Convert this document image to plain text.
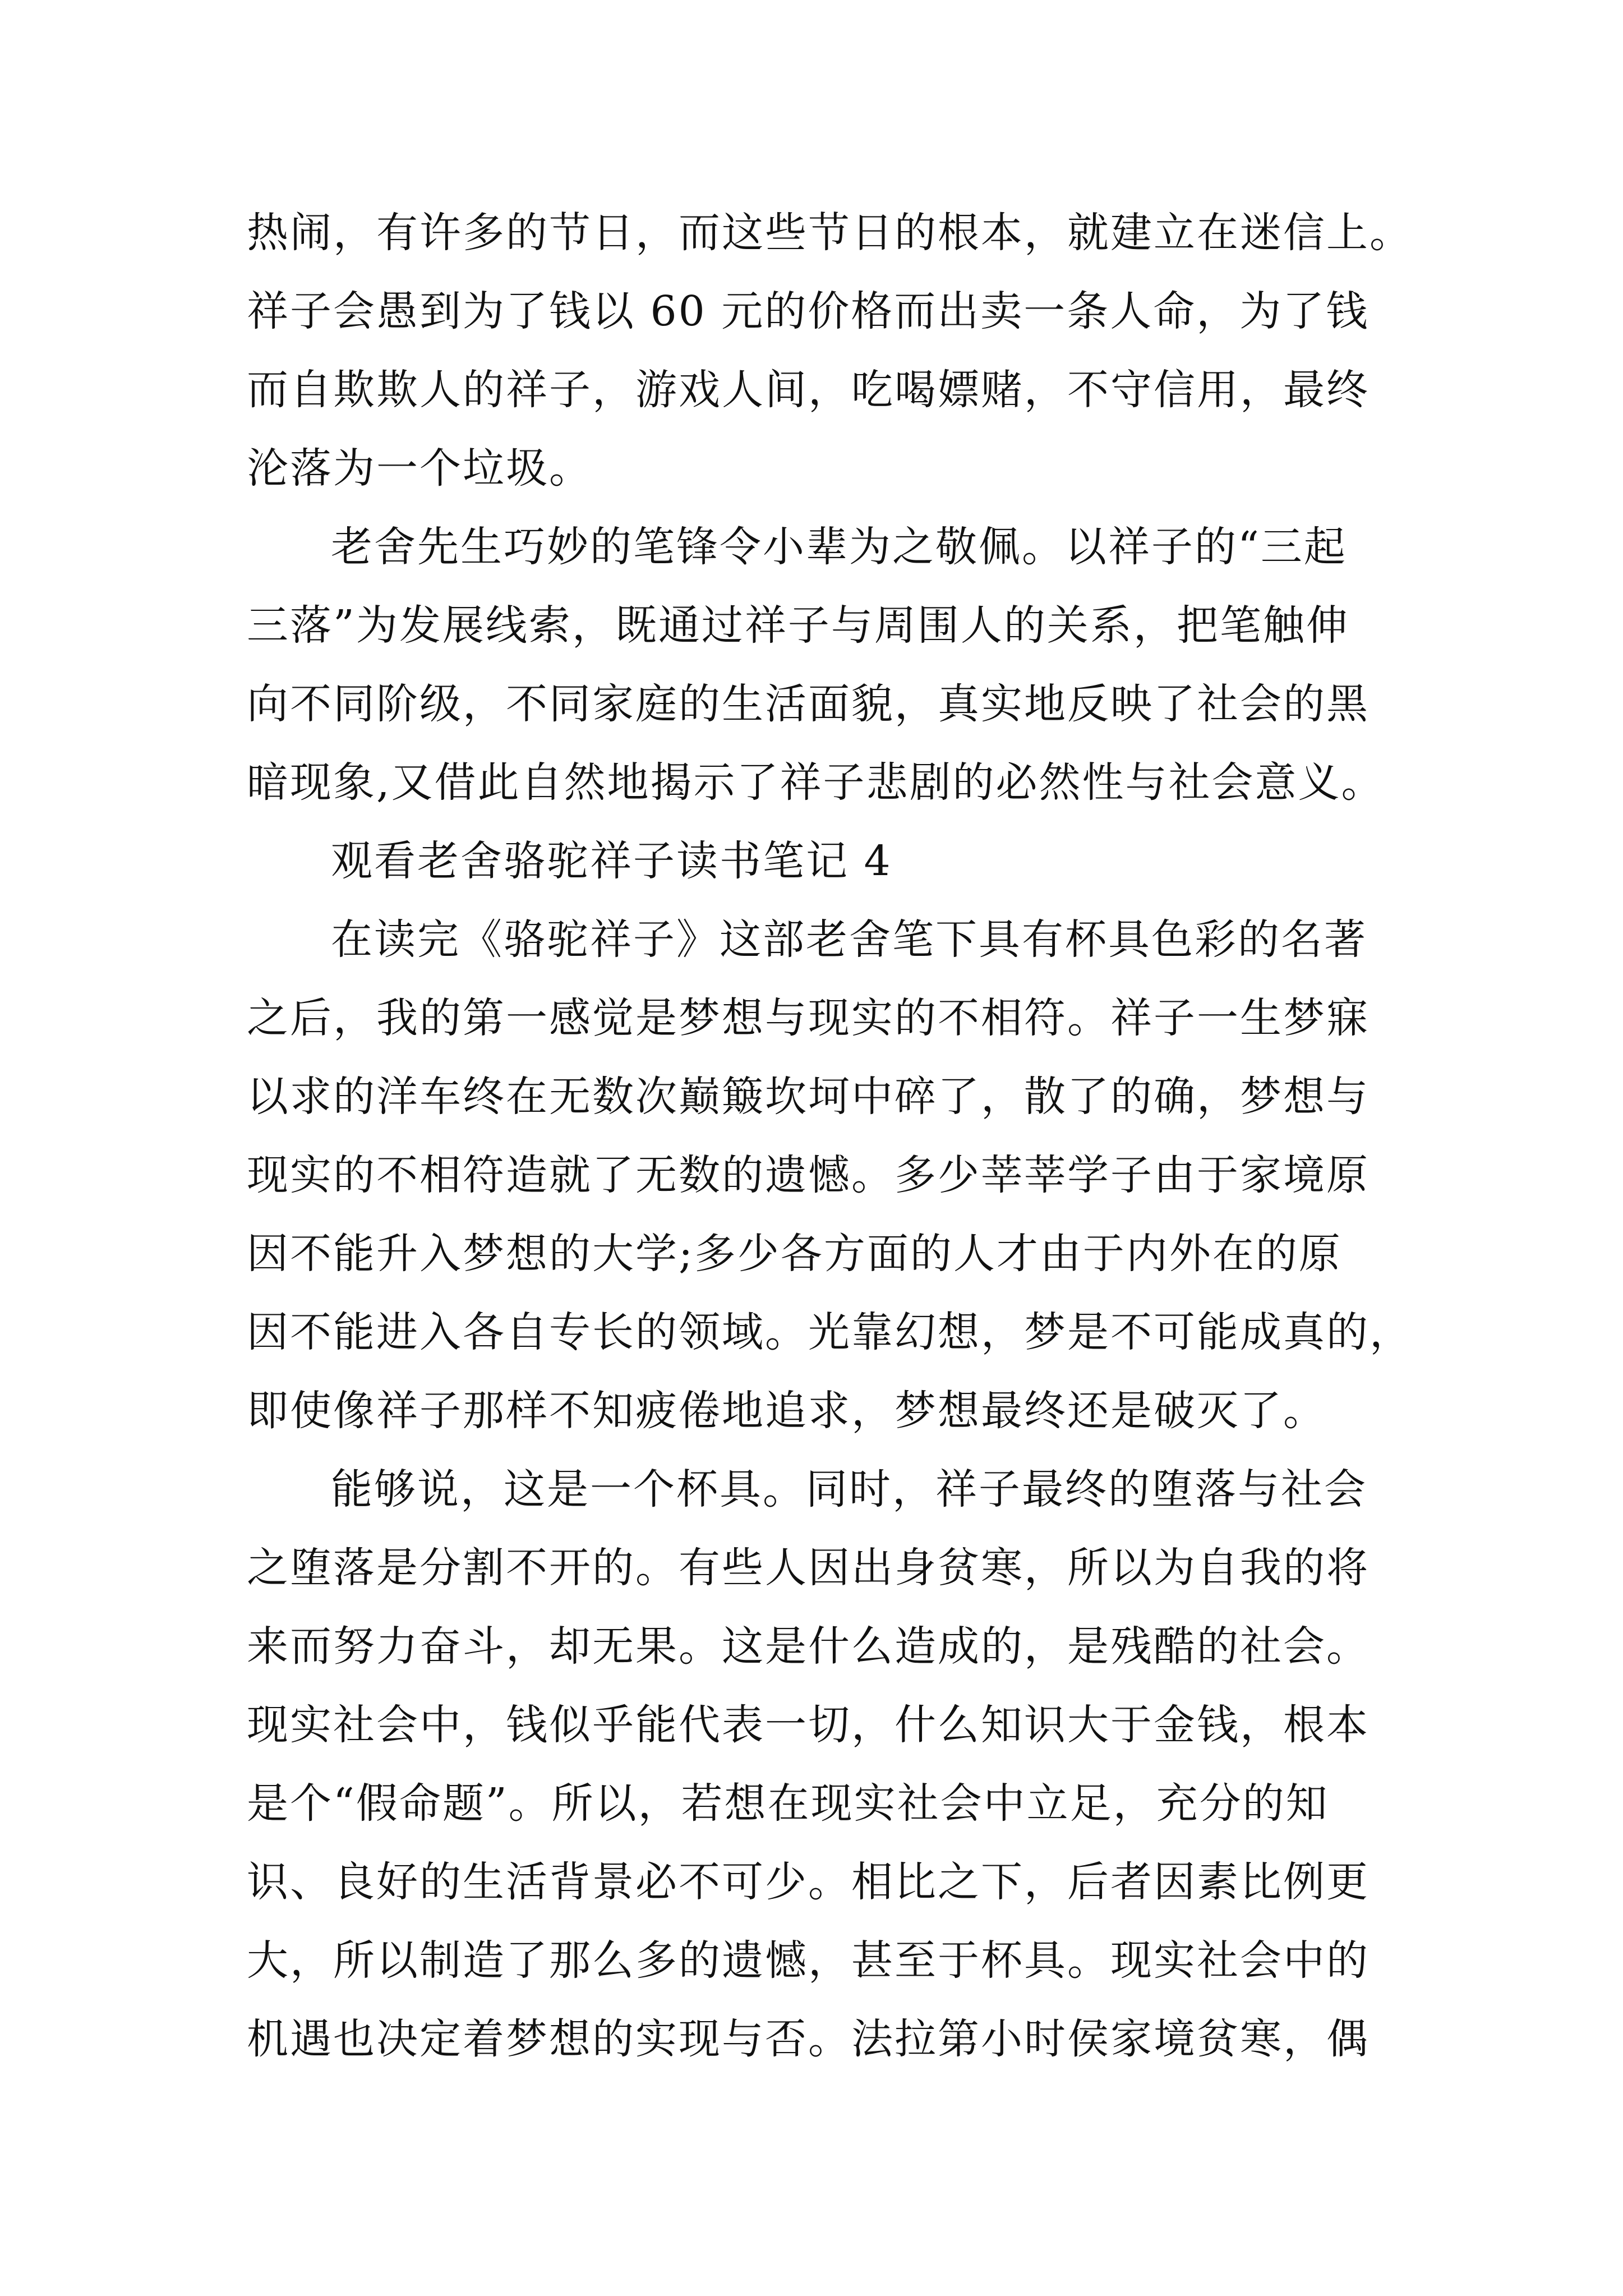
热闹，有许多的节日，而这些节日的根本，就建立在迷信上。
祥子会愚到为了钱以 60 元的价格而出卖一条人命，为了钱
而自欺欺人的祥子，游戏人间，吃喝嫖赌，不守信用，最终
沦落为一个垃圾。
老舍先生巧妙的笔锋令小辈为之敬佩。以祥子的“三起
三落”为发展线索，既通过祥子与周围人的关系，把笔触伸
向不同阶级，不同家庭的生活面貌，真实地反映了社会的黑
暗现象,又借此自然地揭示了祥子悲剧的必然性与社会意义。
观看老舍骆驼祥子读书笔记 4
在读完《骆驼祥子》这部老舍笔下具有杯具色彩的名著
之后，我的第一感觉是梦想与现实的不相符。祥子一生梦寐
以求的洋车终在无数次巅簸坎坷中碎了，散了的确，梦想与
现实的不相符造就了无数的遗憾。多少莘莘学子由于家境原
因不能升入梦想的大学;多少各方面的人才由于内外在的原
因不能进入各自专长的领域。光靠幻想，梦是不可能成真的，
即使像祥子那样不知疲倦地追求，梦想最终还是破灭了。
能够说，这是一个杯具。同时，祥子最终的堕落与社会
之堕落是分割不开的。有些人因出身贫寒，所以为自我的将
来而努力奋斗，却无果。这是什么造成的，是残酷的社会。
现实社会中，钱似乎能代表一切，什么知识大于金钱，根本
是个“假命题”。所以，若想在现实社会中立足，充分的知
识、良好的生活背景必不可少。相比之下，后者因素比例更
大，所以制造了那么多的遗憾，甚至于杯具。现实社会中的
机遇也决定着梦想的实现与否。法拉第小时侯家境贫寒，偶
